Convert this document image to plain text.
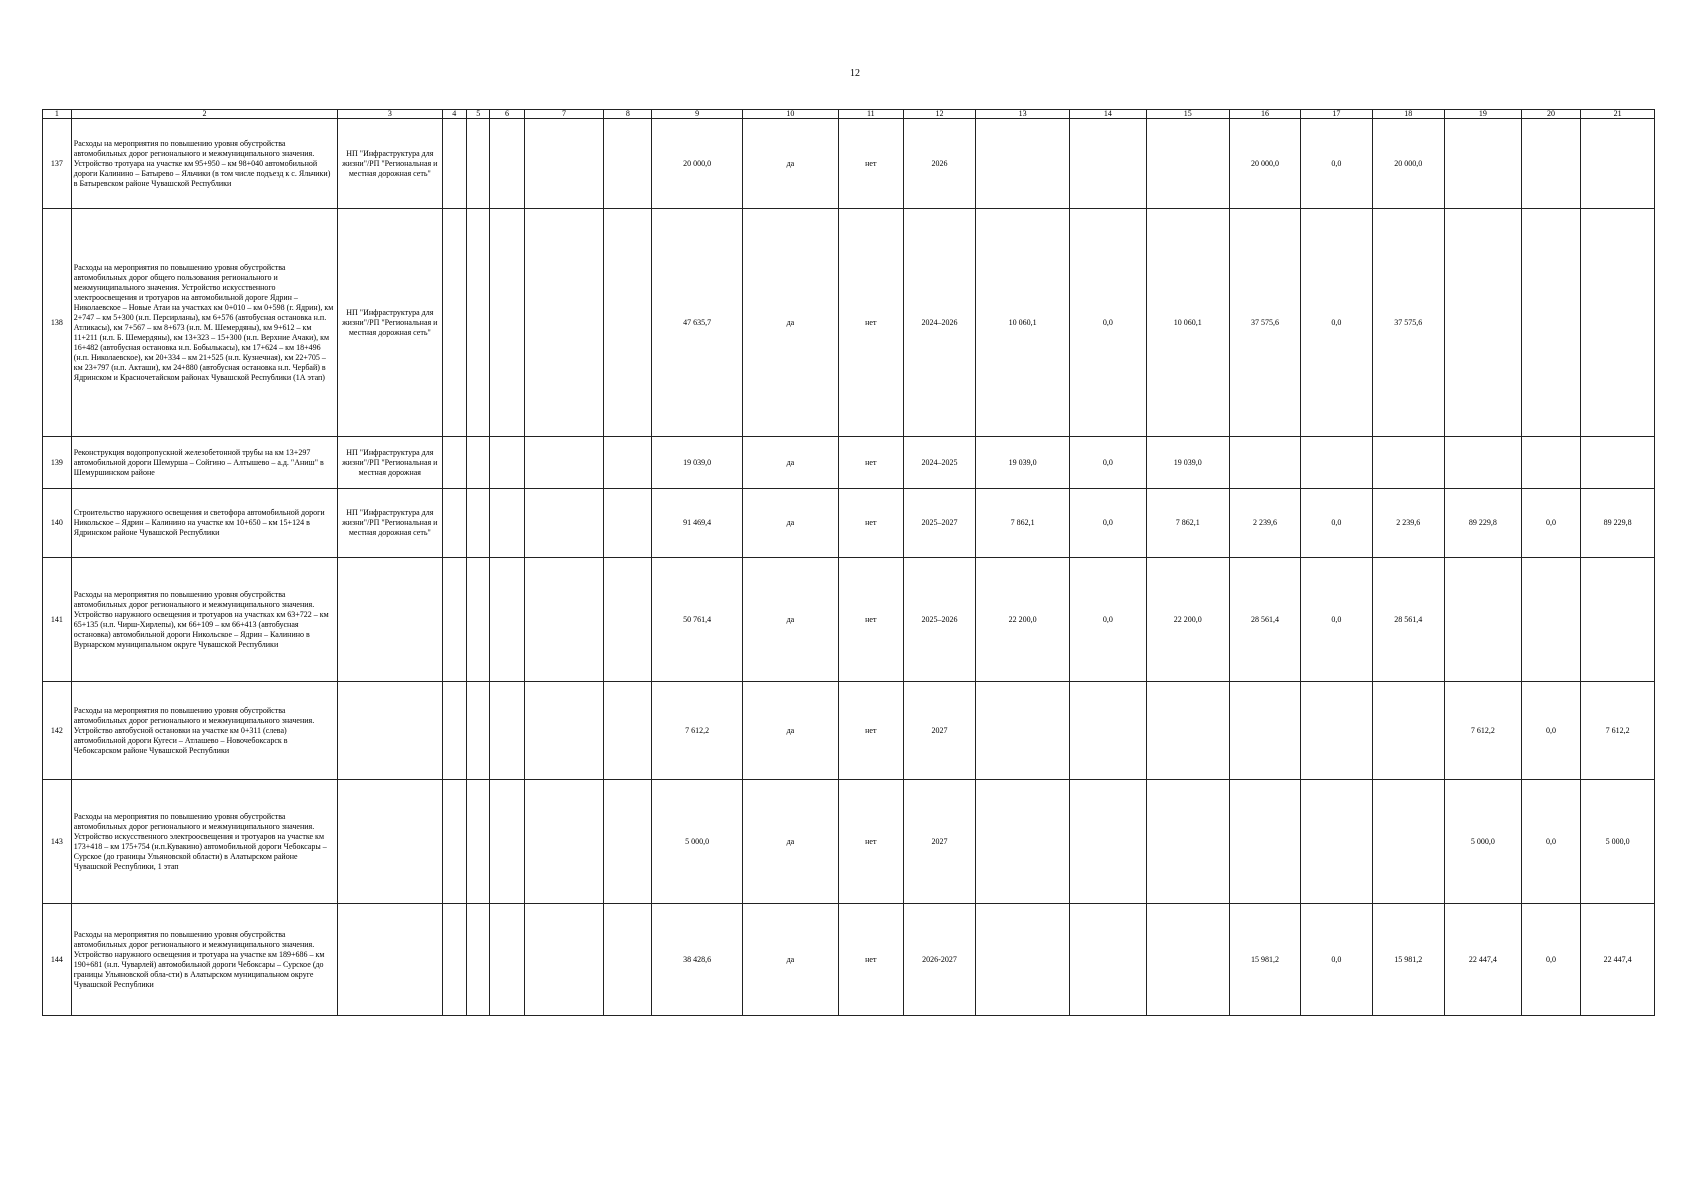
12
1	2	3	4	5	6	7	8	9	10	11	12	13	14	15	16	17	18	19	20	21
137	Расходы на мероприятия по повышению уровня обустройства автомобильных дорог регионального и межмуниципального значения. Устройство тротуара на участке км 95+950 – км 98+040 автомобильной дороги Калинино – Батырево – Яльчики (в том числе подъезд к с. Яльчики) в Батыревском районе Чувашской Республики	НП "Инфраструктура для жизни"/РП "Региональная и местная дорожная сеть"						20 000,0	да	нет	2026				20 000,0	0,0	20 000,0			
138	Расходы на мероприятия по повышению уровня обустройства автомобильных дорог общего пользования регионального и межмуниципального значения. Устройство искусственного электроосвещения и тротуаров на автомобильной дороге Ядрин – Николаевское – Новые Атаи на участках км 0+010 – км 0+598 (г. Ядрин), км 2+747 – км 5+300 (н.п. Персирланы), км 6+576 (автобусная остановка н.п. Атликасы), км 7+567 – км 8+673 (н.п. М. Шемердяны), км 9+612 – км 11+211 (н.п. Б. Шемердяны), км 13+323 – 15+300 (н.п. Верхние Ачаки), км 16+482 (автобусная остановка н.п. Бобылькасы), км 17+624 – км 18+496 (н.п. Николаевское), км 20+334 – км 21+525 (н.п. Кузнечная), км 22+705 – км 23+797 (н.п. Акташи), км 24+880 (автобусная остановка н.п. Чербай) в Ядринском и Красночетайском районах Чувашской Республики (1А этап)	НП "Инфраструктура для жизни"/РП "Региональная и местная дорожная сеть"						47 635,7	да	нет	2024–2026	10 060,1	0,0	10 060,1	37 575,6	0,0	37 575,6			
139	Реконструкция водопропускной железобетонной трубы на км 13+297 автомобильной дороги Шемурша – Сойгино – Алтышево – а.д. "Аниш" в Шемуршинском районе	НП "Инфраструктура для жизни"/РП "Региональная и местная дорожная						19 039,0	да	нет	2024–2025	19 039,0	0,0	19 039,0						
140	Строительство наружного освещения и светофора автомобильной дороги Никольское – Ядрин – Калинино на участке км 10+650 – км 15+124 в Ядринском районе Чувашской Республики	НП "Инфраструктура для жизни"/РП "Региональная и местная дорожная сеть"						91 469,4	да	нет	2025–2027	7 862,1	0,0	7 862,1	2 239,6	0,0	2 239,6	89 229,8	0,0	89 229,8
141	Расходы на мероприятия по повышению уровня обустройства автомобильных дорог регионального и межмуниципального значения. Устройство наружного освещения и тротуаров на участках км 63+722 – км 65+135 (н.п. Чирш-Хирлепы), км 66+109 – км 66+413 (автобусная остановка) автомобильной дороги Никольское – Ядрин – Калинино в Вурнарском муниципальном округе Чувашской Республики							50 761,4	да	нет	2025–2026	22 200,0	0,0	22 200,0	28 561,4	0,0	28 561,4			
142	Расходы на мероприятия по повышению уровня обустройства автомобильных дорог регионального и межмуниципального значения. Устройство автобусной остановки на участке км 0+311 (слева) автомобильной дороги Кугеси – Атлашево – Новочебоксарск в Чебоксарском районе Чувашской Республики							7 612,2	да	нет	2027							7 612,2	0,0	7 612,2
143	Расходы на мероприятия по повышению уровня обустройства автомобильных дорог регионального и межмуниципального значения. Устройство искусственного электроосвещения и тротуаров на участке км 173+418 – км 175+754 (н.п.Кувакино) автомобильной дороги Чебоксары – Сурское (до границы Ульяновской области) в Алатырском районе Чувашской Республики, 1 этап							5 000,0	да	нет	2027							5 000,0	0,0	5 000,0
144	Расходы на мероприятия по повышению уровня обустройства автомобильных дорог регионального и межмуниципального значения. Устройство наружного освещения и тротуара на участке км 189+686 – км 190+681 (н.п. Чуварлей) автомобильной дороги Чебоксары – Сурское (до границы Ульяновской обла-сти) в Алатырском муниципальном округе Чувашской Республики							38 428,6	да	нет	2026-2027				15 981,2	0,0	15 981,2	22 447,4	0,0	22 447,4
